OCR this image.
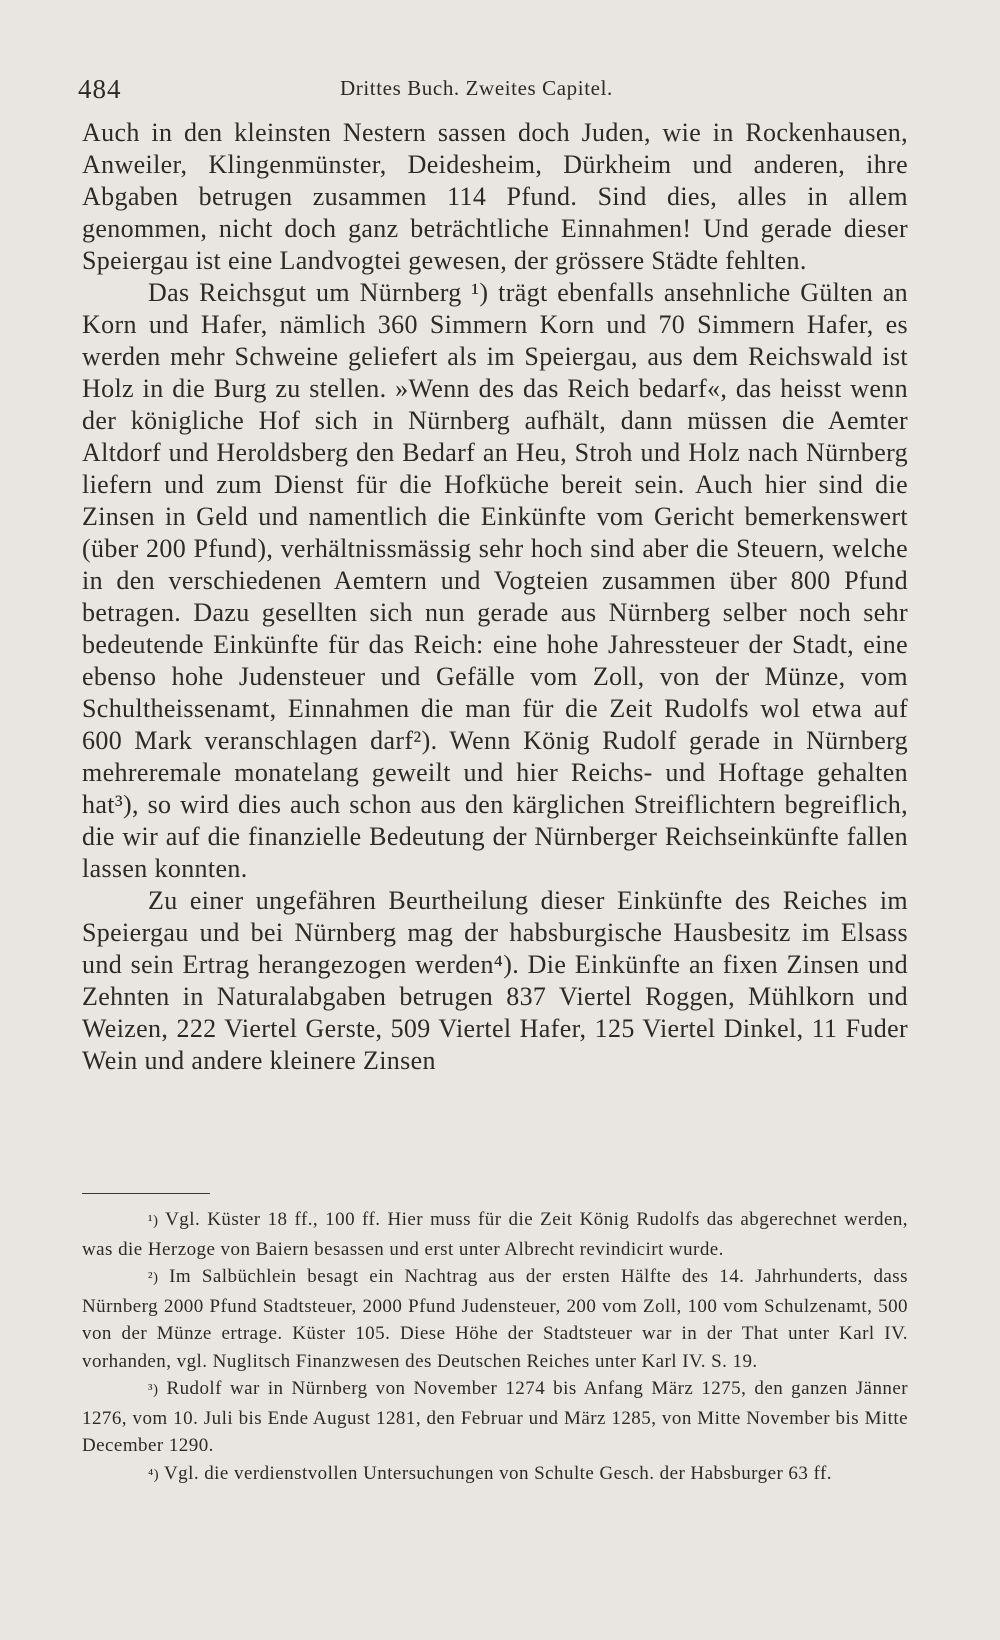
484	Drittes Buch. Zweites Capitel.

Auch in den kleinsten Nestern sassen doch Juden, wie in Rockenhausen, Anweiler, Klingenmünster, Deidesheim, Dürkheim und anderen, ihre Abgaben betrugen zusammen 114 Pfund. Sind dies, alles in allem genommen, nicht doch ganz beträchtliche Einnahmen! Und gerade dieser Speiergau ist eine Landvogtei gewesen, der grössere Städte fehlten.

Das Reichsgut um Nürnberg ¹) trägt ebenfalls ansehnliche Gülten an Korn und Hafer, nämlich 360 Simmern Korn und 70 Simmern Hafer, es werden mehr Schweine geliefert als im Speiergau, aus dem Reichswald ist Holz in die Burg zu stellen. »Wenn des das Reich bedarf«, das heisst wenn der königliche Hof sich in Nürnberg aufhält, dann müssen die Aemter Altdorf und Heroldsberg den Bedarf an Heu, Stroh und Holz nach Nürnberg liefern und zum Dienst für die Hofküche bereit sein. Auch hier sind die Zinsen in Geld und namentlich die Einkünfte vom Gericht bemerkenswert (über 200 Pfund), verhältnissmässig sehr hoch sind aber die Steuern, welche in den verschiedenen Aemtern und Vogteien zusammen über 800 Pfund betragen. Dazu gesellten sich nun gerade aus Nürnberg selber noch sehr bedeutende Einkünfte für das Reich: eine hohe Jahressteuer der Stadt, eine ebenso hohe Judensteuer und Gefälle vom Zoll, von der Münze, vom Schultheissenamt, Einnahmen die man für die Zeit Rudolfs wol etwa auf 600 Mark veranschlagen darf²). Wenn König Rudolf gerade in Nürnberg mehreremale monatelang geweilt und hier Reichs- und Hoftage gehalten hat³), so wird dies auch schon aus den kärglichen Streiflichtern begreiflich, die wir auf die finanzielle Bedeutung der Nürnberger Reichseinkünfte fallen lassen konnten.

Zu einer ungefähren Beurtheilung dieser Einkünfte des Reiches im Speiergau und bei Nürnberg mag der habsburgische Hausbesitz im Elsass und sein Ertrag herangezogen werden⁴). Die Einkünfte an fixen Zinsen und Zehnten in Naturalabgaben betrugen 837 Viertel Roggen, Mühlkorn und Weizen, 222 Viertel Gerste, 509 Viertel Hafer, 125 Viertel Dinkel, 11 Fuder Wein und andere kleinere Zinsen

¹) Vgl. Küster 18 ff., 100 ff. Hier muss für die Zeit König Rudolfs das abgerechnet werden, was die Herzoge von Baiern besassen und erst unter Albrecht revindicirt wurde.

²) Im Salbüchlein besagt ein Nachtrag aus der ersten Hälfte des 14. Jahrhunderts, dass Nürnberg 2000 Pfund Stadtsteuer, 2000 Pfund Judensteuer, 200 vom Zoll, 100 vom Schulzenamt, 500 von der Münze ertrage. Küster 105. Diese Höhe der Stadtsteuer war in der That unter Karl IV. vorhanden, vgl. Nuglitsch Finanzwesen des Deutschen Reiches unter Karl IV. S. 19.

³) Rudolf war in Nürnberg von November 1274 bis Anfang März 1275, den ganzen Jänner 1276, vom 10. Juli bis Ende August 1281, den Februar und März 1285, von Mitte November bis Mitte December 1290.

⁴) Vgl. die verdienstvollen Untersuchungen von Schulte Gesch. der Habsburger 63 ff.
